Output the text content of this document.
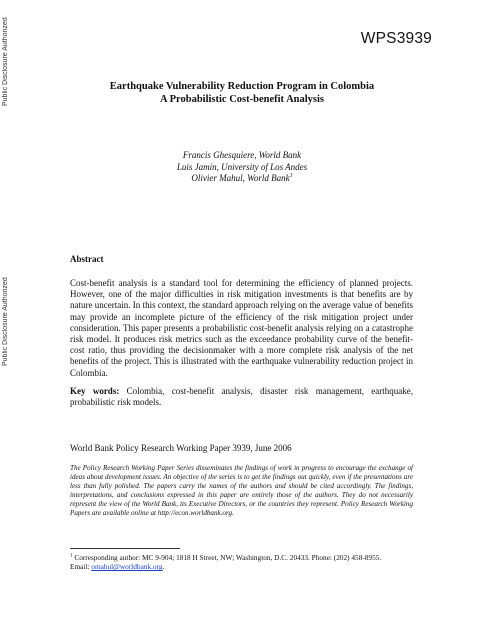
Public Disclosure Authorized
Public Disclosure Authorized
WPS3939
Earthquake Vulnerability Reduction Program in Colombia
A Probabilistic Cost-benefit Analysis
Francis Ghesquiere, World Bank
Luis Jamin, University of Los Andes
Olivier Mahul, World Bank$^1$
Abstract
Cost-benefit analysis is a standard tool for determining the efficiency of planned projects. However, one of the major difficulties in risk mitigation investments is that benefits are by nature uncertain. In this context, the standard approach relying on the average value of benefits may provide an incomplete picture of the efficiency of the risk mitigation project under consideration. This paper presents a probabilistic cost-benefit analysis relying on a catastrophe risk model. It produces risk metrics such as the exceedance probability curve of the benefit-cost ratio, thus providing the decisionmaker with a more complete risk analysis of the net benefits of the project. This is illustrated with the earthquake vulnerability reduction project in Colombia.
Key words: Colombia, cost-benefit analysis, disaster risk management, earthquake, probabilistic risk models.
World Bank Policy Research Working Paper 3939, June 2006
The Policy Research Working Paper Series disseminates the findings of work in progress to encourage the exchange of ideas about development issues. An objective of the series is to get the findings out quickly, even if the presentations are less than fully polished. The papers carry the names of the authors and should be cited accordingly. The findings, interpretations, and conclusions expressed in this paper are entirely those of the authors. They do not necessarily represent the view of the World Bank, its Executive Directors, or the countries they represent. Policy Research Working Papers are available online at http://econ.worldbank.org.
$^1$ Corresponding author: MC 9-904; 1818 H Street, NW; Washington, D.C. 20433. Phone: (202) 458-8955.
Email: omahul@worldbank.org.
